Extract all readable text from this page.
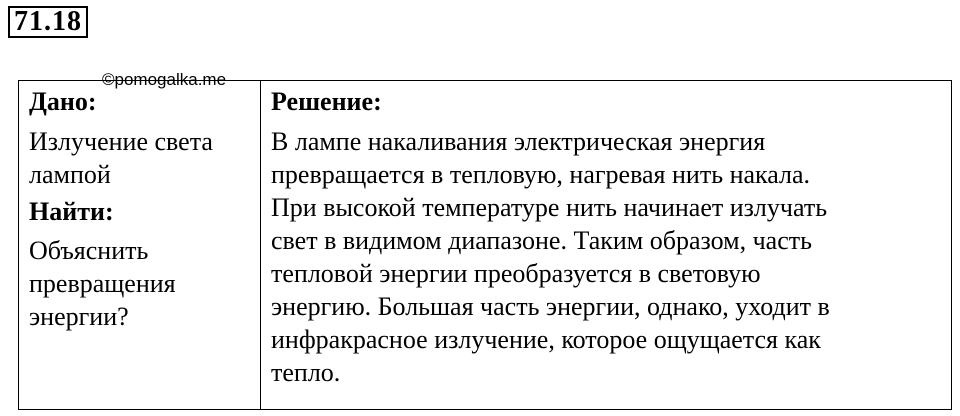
71.18
©pomogalka.me
Дано:
Излучение света
лампой
Найти:
Объяснить
превращения
энергии?
Решение:
В лампе накаливания электрическая энергия
превращается в тепловую, нагревая нить накала.
При высокой температуре нить начинает излучать
свет в видимом диапазоне. Таким образом, часть
тепловой энергии преобразуется в световую
энергию. Большая часть энергии, однако, уходит в
инфракрасное излучение, которое ощущается как
тепло.
